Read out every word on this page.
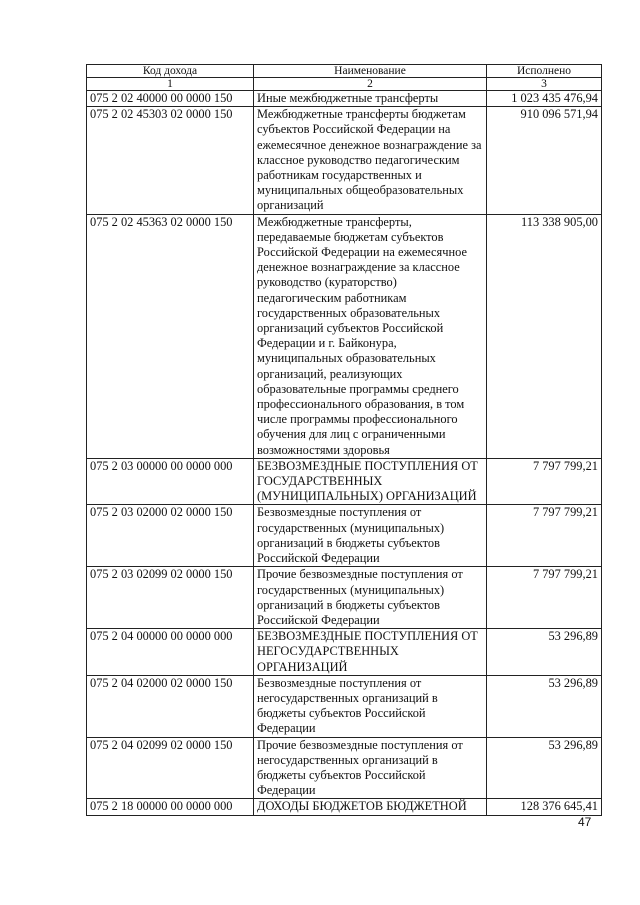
Код дохода	Наименование	Исполнено
1	2	3
075 2 02 40000 00 0000 150	Иные межбюджетные трансферты	1 023 435 476,94
075 2 02 45303 02 0000 150	Межбюджетные трансферты бюджетам субъектов Российской Федерации на ежемесячное денежное вознаграждение за классное руководство педагогическим работникам государственных и муниципальных общеобразовательных организаций	910 096 571,94
075 2 02 45363 02 0000 150	Межбюджетные трансферты, передаваемые бюджетам субъектов Российской Федерации на ежемесячное денежное вознаграждение за классное руководство (кураторство) педагогическим работникам государственных образовательных организаций субъектов Российской Федерации и г. Байконура, муниципальных образовательных организаций, реализующих образовательные программы среднего профессионального образования, в том числе программы профессионального обучения для лиц с ограниченными возможностями здоровья	113 338 905,00
075 2 03 00000 00 0000 000	БЕЗВОЗМЕЗДНЫЕ ПОСТУПЛЕНИЯ ОТ ГОСУДАРСТВЕННЫХ (МУНИЦИПАЛЬНЫХ) ОРГАНИЗАЦИЙ	7 797 799,21
075 2 03 02000 02 0000 150	Безвозмездные поступления от государственных (муниципальных) организаций в бюджеты субъектов Российской Федерации	7 797 799,21
075 2 03 02099 02 0000 150	Прочие безвозмездные поступления от государственных (муниципальных) организаций в бюджеты субъектов Российской Федерации	7 797 799,21
075 2 04 00000 00 0000 000	БЕЗВОЗМЕЗДНЫЕ ПОСТУПЛЕНИЯ ОТ НЕГОСУДАРСТВЕННЫХ ОРГАНИЗАЦИЙ	53 296,89
075 2 04 02000 02 0000 150	Безвозмездные поступления от негосударственных организаций в бюджеты субъектов Российской Федерации	53 296,89
075 2 04 02099 02 0000 150	Прочие безвозмездные поступления от негосударственных организаций в бюджеты субъектов Российской Федерации	53 296,89
075 2 18 00000 00 0000 000	ДОХОДЫ БЮДЖЕТОВ БЮДЖЕТНОЙ	128 376 645,41
47
